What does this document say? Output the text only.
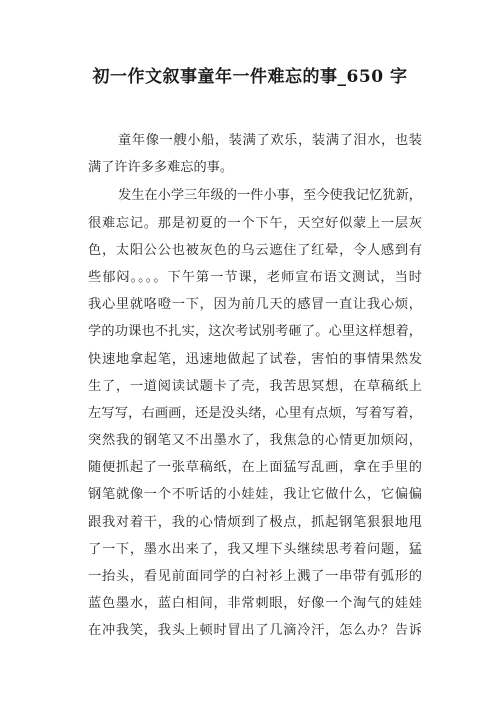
初一作文叙事童年一件难忘的事_650 字
童年像一艘小船，装满了欢乐，装满了泪水，也装
满了许许多多难忘的事。
发生在小学三年级的一件小事，至今使我记忆犹新，
很难忘记。那是初夏的一个下午，天空好似蒙上一层灰
色，太阳公公也被灰色的乌云遮住了红晕，令人感到有
些郁闷。。。。下午第一节课，老师宣布语文测试，当时
我心里就咯噔一下，因为前几天的感冒一直让我心烦，
学的功课也不扎实，这次考试别考砸了。心里这样想着，
快速地拿起笔，迅速地做起了试卷，害怕的事情果然发
生了，一道阅读试题卡了壳，我苦思冥想，在草稿纸上
左写写，右画画，还是没头绪，心里有点烦，写着写着，
突然我的钢笔又不出墨水了，我焦急的心情更加烦闷，
随便抓起了一张草稿纸，在上面猛写乱画，拿在手里的
钢笔就像一个不听话的小娃娃，我让它做什么，它偏偏
跟我对着干，我的心情烦到了极点，抓起钢笔狠狠地甩
了一下，墨水出来了，我又埋下头继续思考着问题，猛
一抬头，看见前面同学的白衬衫上溅了一串带有弧形的
蓝色墨水，蓝白相间，非常刺眼，好像一个淘气的娃娃
在冲我笑，我头上顿时冒出了几滴冷汗，怎么办？告诉
